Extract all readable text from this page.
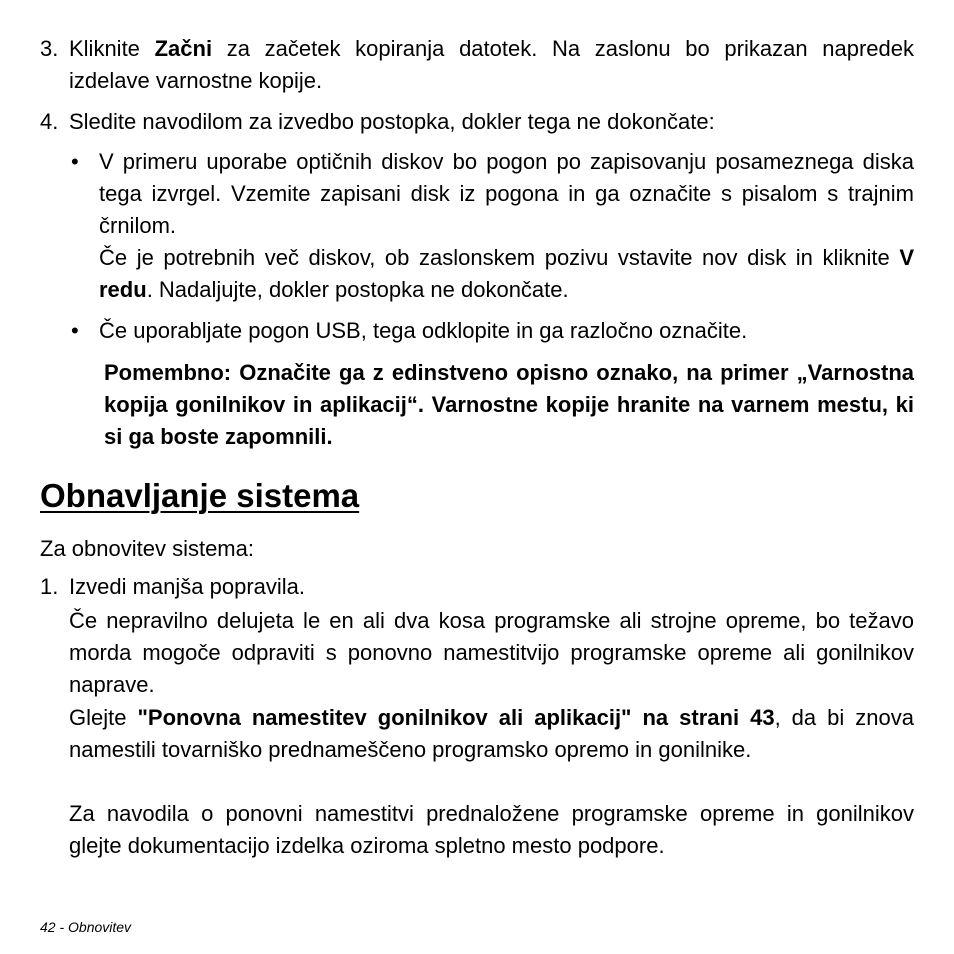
3. Kliknite Začni za začetek kopiranja datotek. Na zaslonu bo prikazan napredek izdelave varnostne kopije.

4. Sledite navodilom za izvedbo postopka, dokler tega ne dokončate:

• V primeru uporabe optičnih diskov bo pogon po zapisovanju posameznega diska tega izvrgel. Vzemite zapisani disk iz pogona in ga označite s pisalom s trajnim črnilom.

Če je potrebnih več diskov, ob zaslonskem pozivu vstavite nov disk in kliknite V redu. Nadaljujte, dokler postopka ne dokončate.

• Če uporabljate pogon USB, tega odklopite in ga razločno označite.

Pomembno: Označite ga z edinstveno opisno oznako, na primer „Varnostna kopija gonilnikov in aplikacij“. Varnostne kopije hranite na varnem mestu, ki si ga boste zapomnili.

Obnavljanje sistema

Za obnovitev sistema:

1. Izvedi manjša popravila.

Če nepravilno delujeta le en ali dva kosa programske ali strojne opreme, bo težavo morda mogoče odpraviti s ponovno namestitvijo programske opreme ali gonilnikov naprave.

Glejte "Ponovna namestitev gonilnikov ali aplikacij" na strani 43, da bi znova namestili tovarniško prednameščeno programsko opremo in gonilnike.

Za navodila o ponovni namestitvi prednaložene programske opreme in gonilnikov glejte dokumentacijo izdelka oziroma spletno mesto podpore.

42 - Obnovitev
